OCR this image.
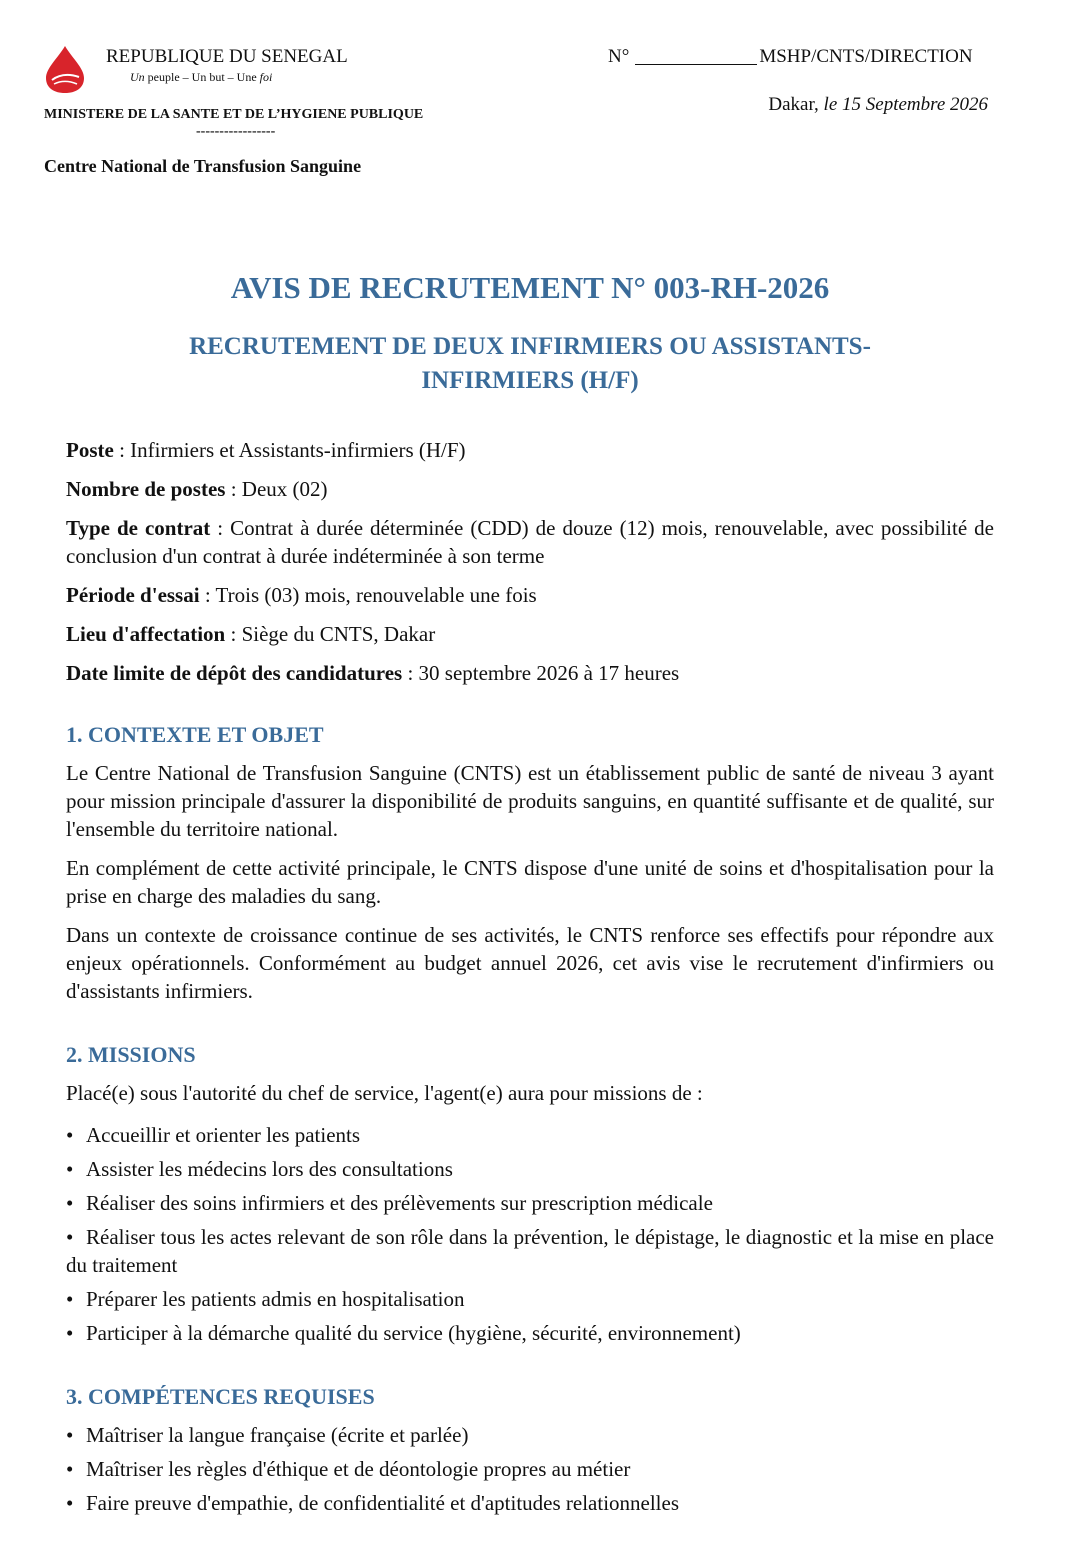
REPUBLIQUE DU SENEGAL
Un peuple – Un but – Une foi
MINISTERE DE LA SANTE ET DE L’HYGIENE PUBLIQUE
-----------------
Centre National de Transfusion Sanguine
N°	MSHP/CNTS/DIRECTION
Dakar, le 15 Septembre 2026
AVIS DE RECRUTEMENT N° 003-RH-2026
RECRUTEMENT DE DEUX INFIRMIERS OU ASSISTANTS-
INFIRMIERS (H/F)
Poste : Infirmiers et Assistants-infirmiers (H/F)
Nombre de postes : Deux (02)
Type de contrat : Contrat à durée déterminée (CDD) de douze (12) mois, renouvelable, avec possibilité de conclusion d'un contrat à durée indéterminée à son terme
Période d'essai : Trois (03) mois, renouvelable une fois
Lieu d'affectation : Siège du CNTS, Dakar
Date limite de dépôt des candidatures : 30 septembre 2026 à 17 heures
1. CONTEXTE ET OBJET
Le Centre National de Transfusion Sanguine (CNTS) est un établissement public de santé de niveau 3 ayant pour mission principale d'assurer la disponibilité de produits sanguins, en quantité suffisante et de qualité, sur l'ensemble du territoire national.
En complément de cette activité principale, le CNTS dispose d'une unité de soins et d'hospitalisation pour la prise en charge des maladies du sang.
Dans un contexte de croissance continue de ses activités, le CNTS renforce ses effectifs pour répondre aux enjeux opérationnels. Conformément au budget annuel 2026, cet avis vise le recrutement d'infirmiers ou d'assistants infirmiers.
2. MISSIONS
Placé(e) sous l'autorité du chef de service, l'agent(e) aura pour missions de :
• Accueillir et orienter les patients
• Assister les médecins lors des consultations
• Réaliser des soins infirmiers et des prélèvements sur prescription médicale
• Réaliser tous les actes relevant de son rôle dans la prévention, le dépistage, le diagnostic et la mise en place du traitement
• Préparer les patients admis en hospitalisation
• Participer à la démarche qualité du service (hygiène, sécurité, environnement)
3. COMPÉTENCES REQUISES
• Maîtriser la langue française (écrite et parlée)
• Maîtriser les règles d'éthique et de déontologie propres au métier
• Faire preuve d'empathie, de confidentialité et d'aptitudes relationnelles
